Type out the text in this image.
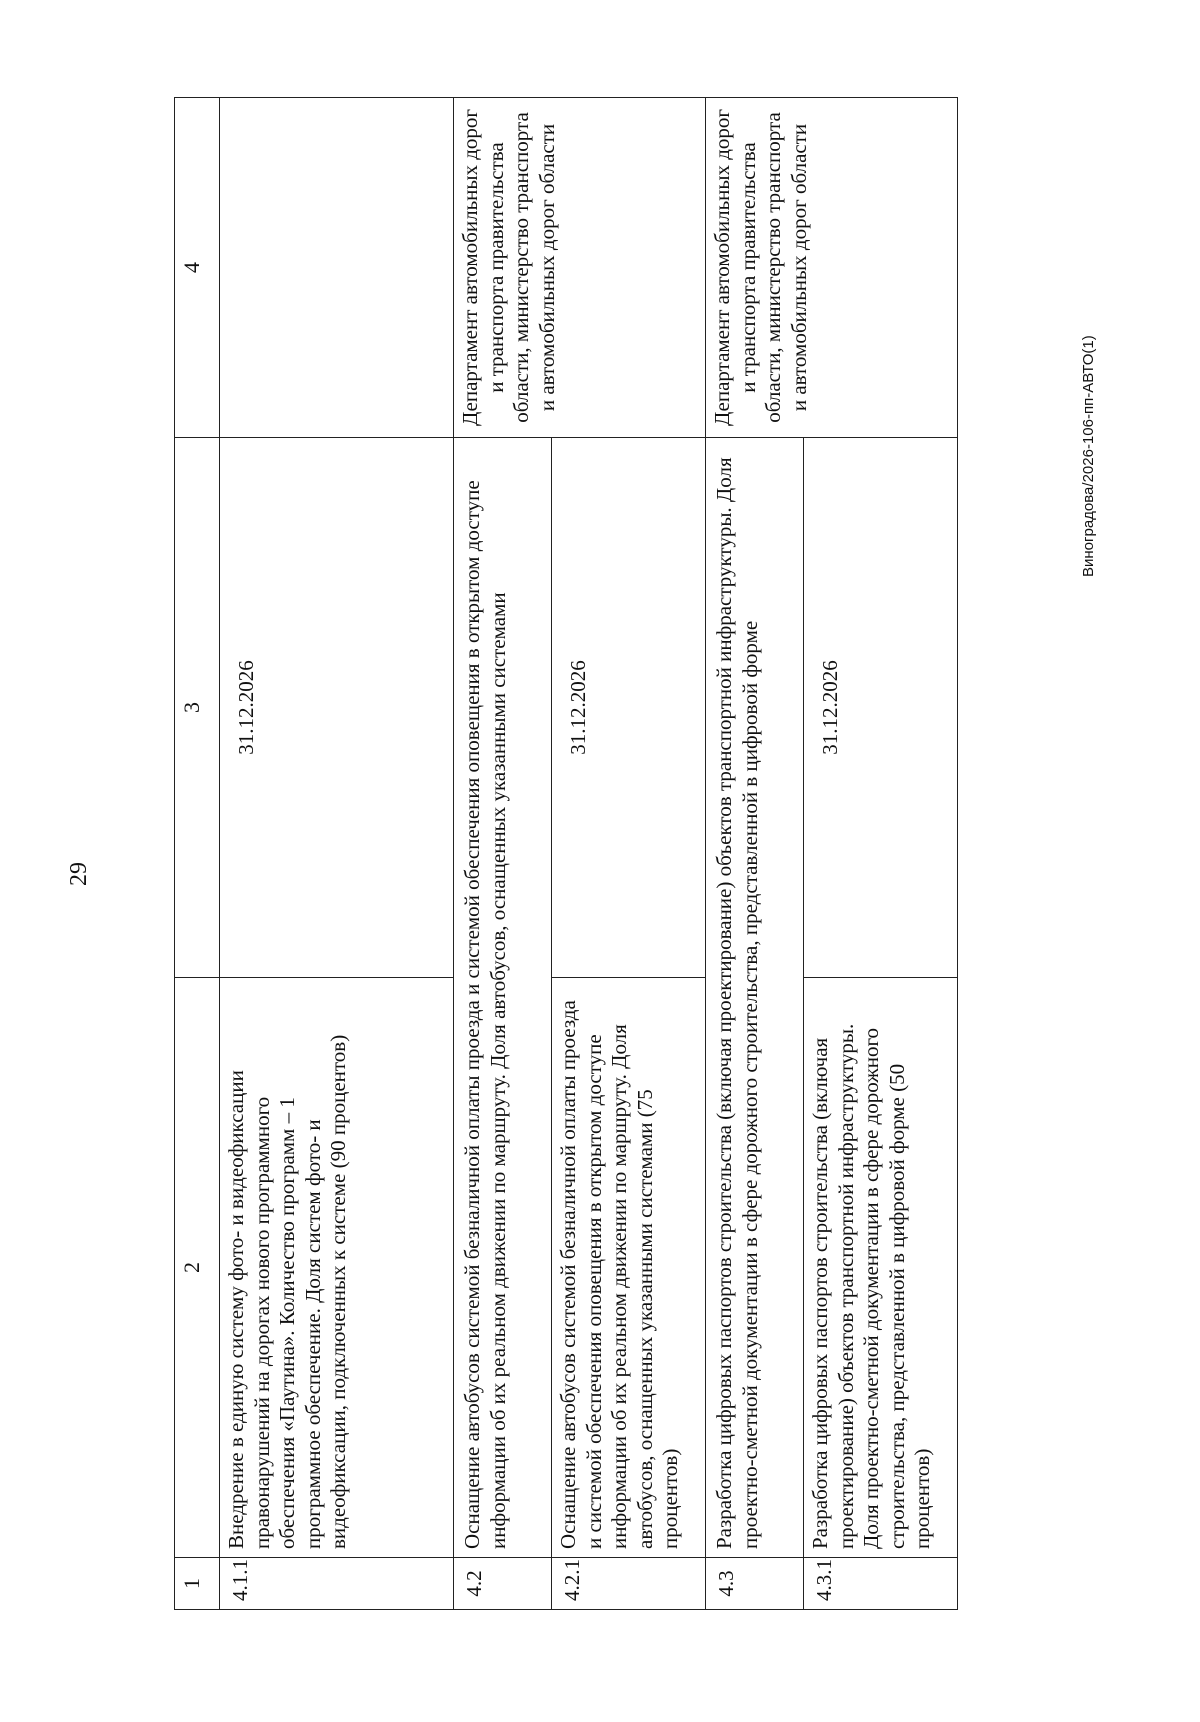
29
1	2	3	4
4.1.1	Внедрение в единую систему фото- и видеофиксации правонарушений на дорогах нового программного обеспечения «Паутина». Количество программ – 1 программное обеспечение. Доля систем фото- и видеофиксации, подключенных к системе (90 процентов)	31.12.2026	
4.2	Оснащение автобусов системой безналичной оплаты проезда и системой обеспечения оповещения в открытом доступе информации об их реальном движении по маршруту. Доля автобусов, оснащенных указанными системами		Департамент автомобильных дорог и транспорта правительства области, министерство транспорта и автомобильных дорог области
4.2.1	Оснащение автобусов системой безналичной оплаты проезда и системой обеспечения оповещения в открытом доступе информации об их реальном движении по маршруту. Доля автобусов, оснащенных указанными системами (75 процентов)	31.12.2026	
4.3	Разработка цифровых паспортов строительства (включая проектирование) объектов транспортной инфраструктуры. Доля проектно-сметной документации в сфере дорожного строительства, представленной в цифровой форме		Департамент автомобильных дорог и транспорта правительства области, министерство транспорта и автомобильных дорог области
4.3.1	Разработка цифровых паспортов строительства (включая проектирование) объектов транспортной инфраструктуры. Доля проектно-сметной документации в сфере дорожного строительства, представленной в цифровой форме (50 процентов)	31.12.2026	
Виноградова/2026-106-пп-АВТО(1)
